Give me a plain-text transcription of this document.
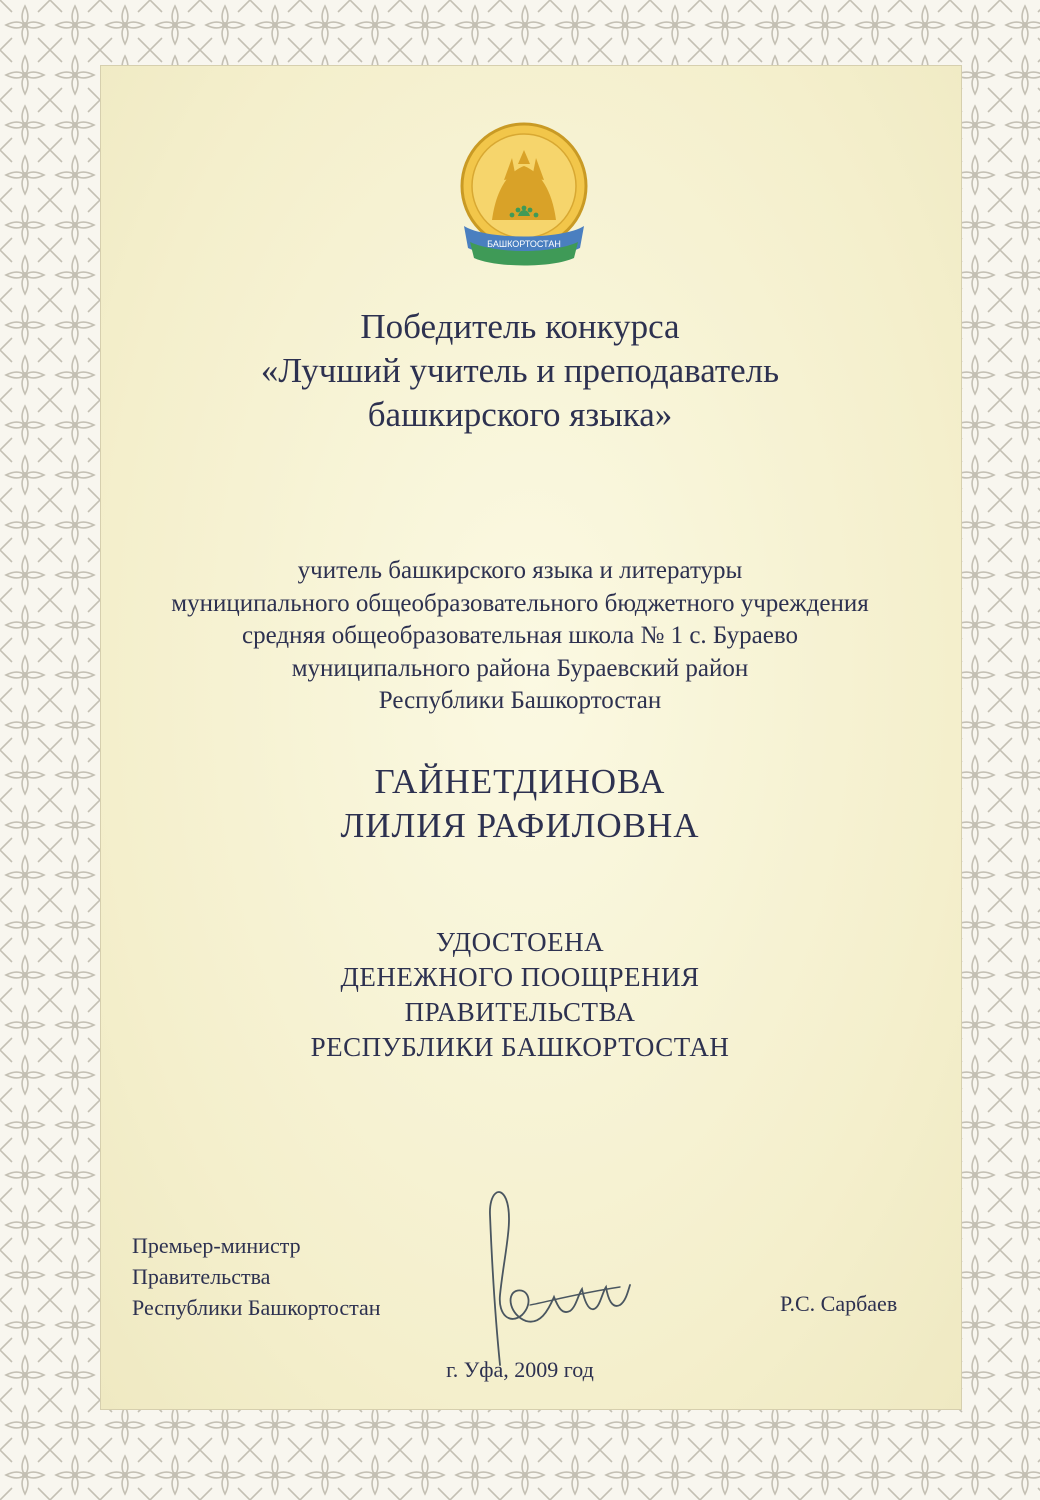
БАШКОРТОСТАН
Победитель конкурса
«Лучший учитель и преподаватель
башкирского языка»
учитель башкирского языка и литературы
муниципального общеобразовательного бюджетного учреждения
средняя общеобразовательная школа № 1 с. Бураево
муниципального района Бураевский район
Республики Башкортостан
ГАЙНЕТДИНОВА
ЛИЛИЯ РАФИЛОВНА
УДОСТОЕНА
ДЕНЕЖНОГО ПООЩРЕНИЯ
ПРАВИТЕЛЬСТВА
РЕСПУБЛИКИ БАШКОРТОСТАН
Премьер-министр
Правительства
Республики Башкортостан	Р.С. Сарбаев
г. Уфа, 2009 год
